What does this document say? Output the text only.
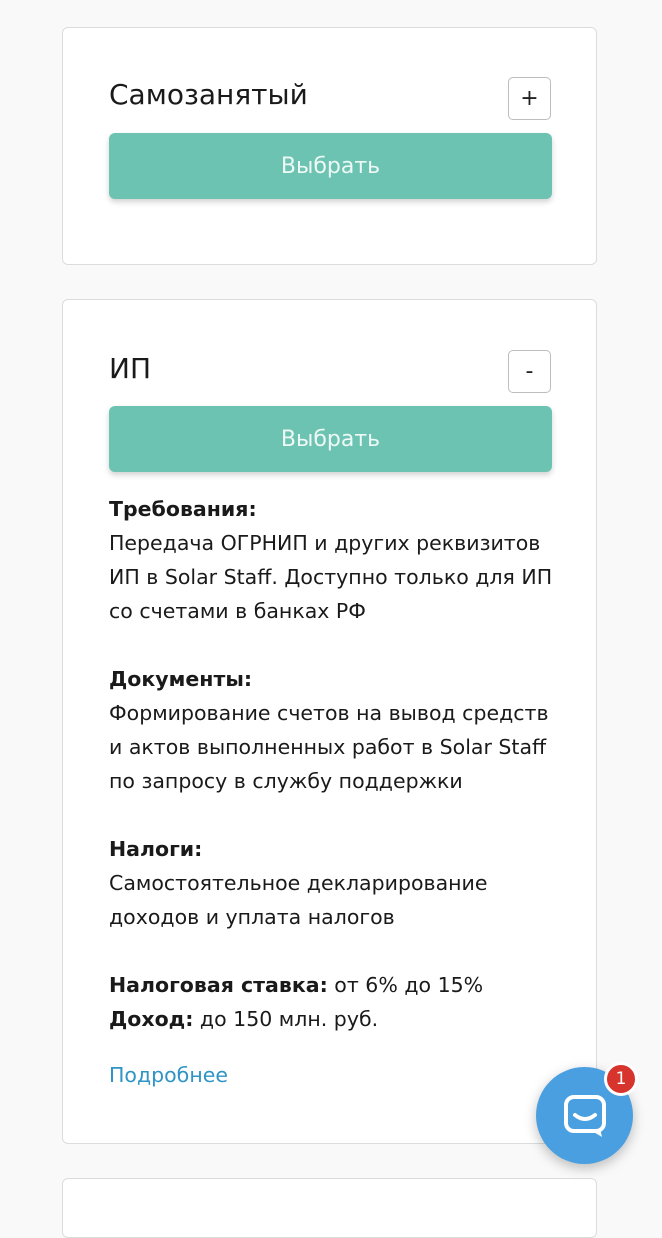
Самозанятый	+
Выбрать
ИП	-
Выбрать
Требования:

Передача ОГРНИП и других реквизитов ИП в Solar Staff. Доступно только для ИП со счетами в банках РФ

Документы:

Формирование счетов на вывод средств и актов выполненных работ в Solar Staff по запросу в службу поддержки

Налоги:

Самостоятельное декларирование доходов и уплата налогов

Налоговая ставка: от 6% до 15%

Доход: до 150 млн. руб.

Подробнее	1
